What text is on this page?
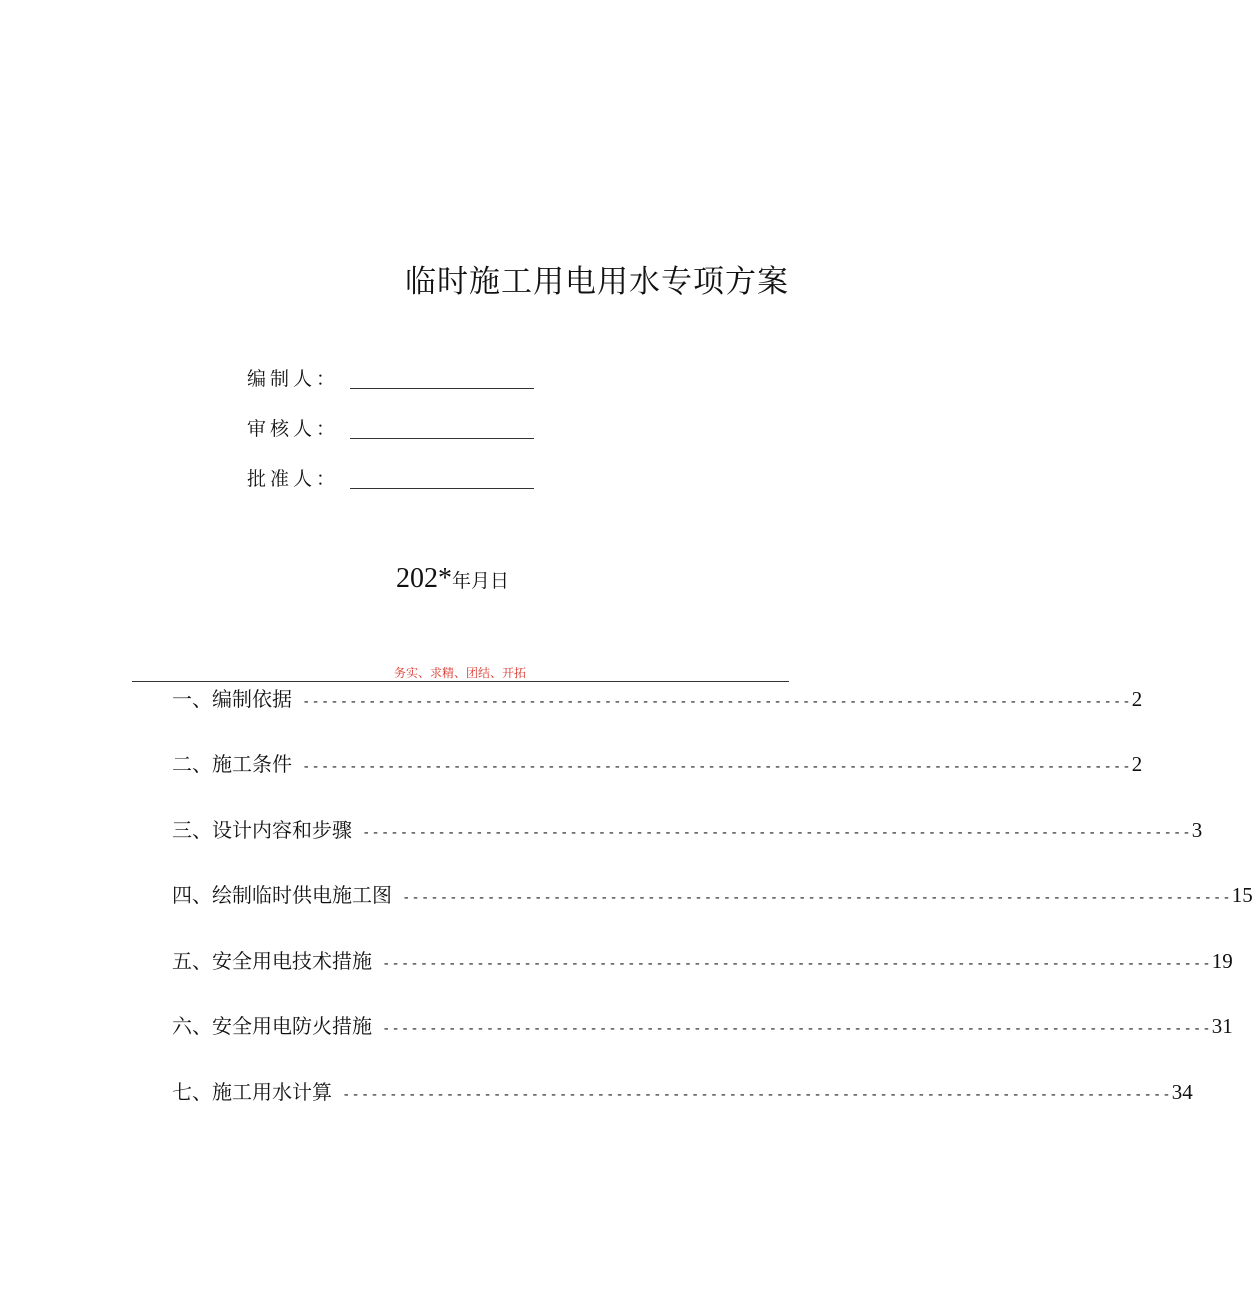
临时施工用电用水专项方案
编制人：
审核人：
批准人：
202*年月日
务实、求精、团结、开拓
一、编制依据 ---------------------------------------------------------------------------------------- 2
二、施工条件 ---------------------------------------------------------------------------------------- 2
三、设计内容和步骤 ---------------------------------------------------------------------------------------- 3
四、绘制临时供电施工图 ---------------------------------------------------------------------------------------- 15
五、安全用电技术措施 ---------------------------------------------------------------------------------------- 19
六、安全用电防火措施 ---------------------------------------------------------------------------------------- 31
七、施工用水计算 ---------------------------------------------------------------------------------------- 34
